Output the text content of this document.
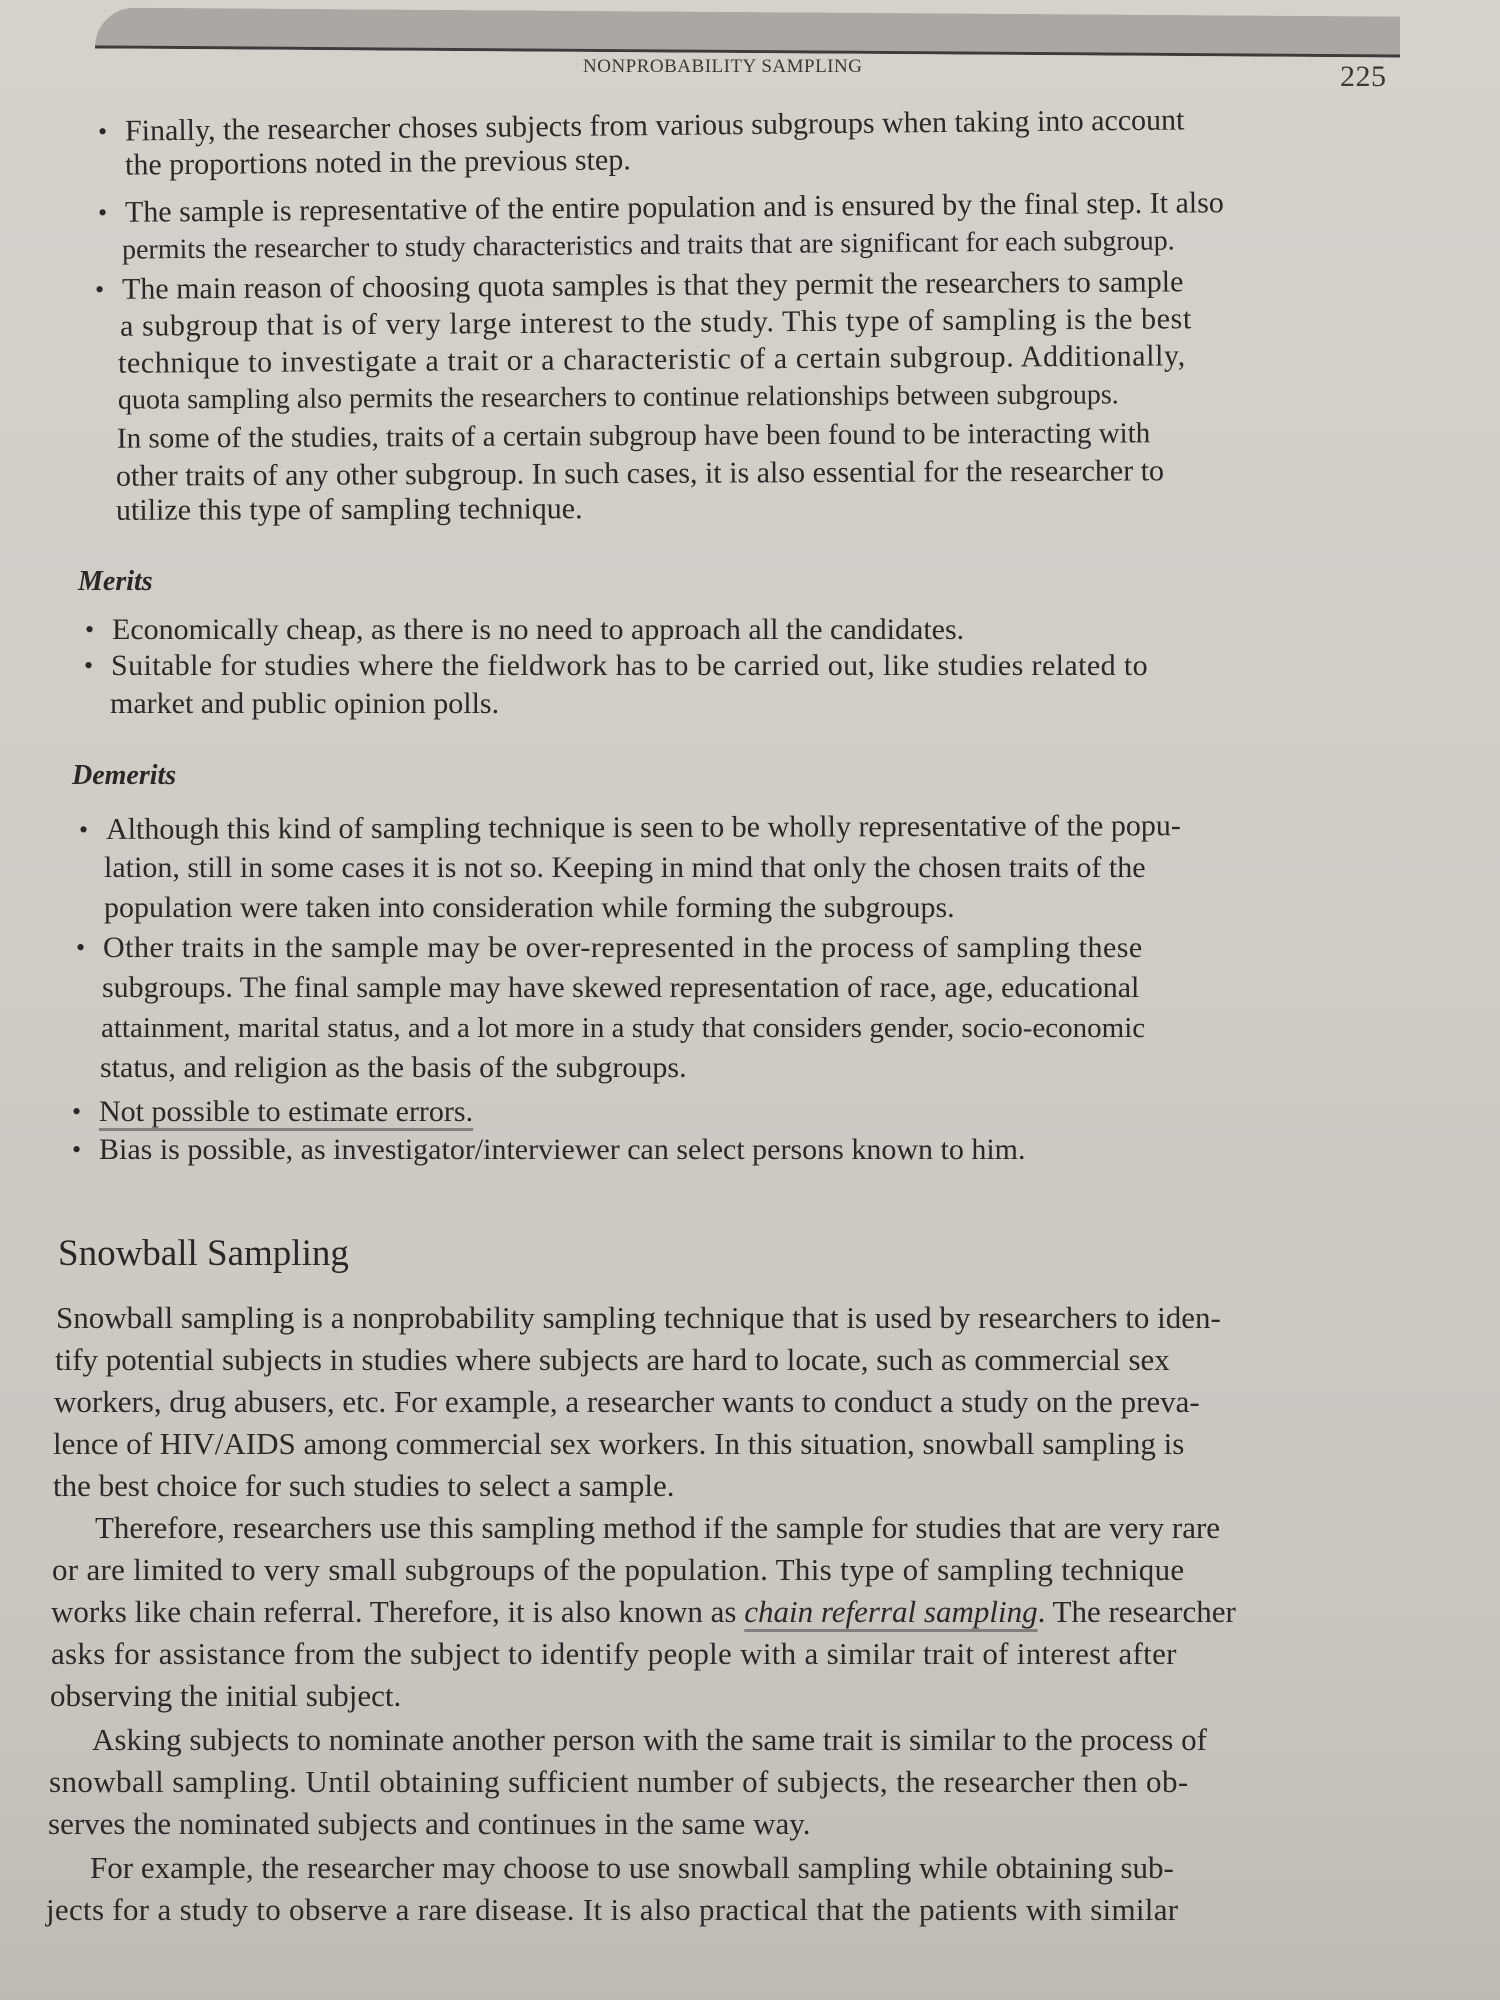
NONPROBABILITY SAMPLING	225
• Finally, the researcher choses subjects from various subgroups when taking into account
the proportions noted in the previous step.
• The sample is representative of the entire population and is ensured by the final step. It also
permits the researcher to study characteristics and traits that are significant for each subgroup.
• The main reason of choosing quota samples is that they permit the researchers to sample
a subgroup that is of very large interest to the study. This type of sampling is the best
technique to investigate a trait or a characteristic of a certain subgroup. Additionally,
quota sampling also permits the researchers to continue relationships between subgroups.
In some of the studies, traits of a certain subgroup have been found to be interacting with
other traits of any other subgroup. In such cases, it is also essential for the researcher to
utilize this type of sampling technique.
Merits
• Economically cheap, as there is no need to approach all the candidates.
• Suitable for studies where the fieldwork has to be carried out, like studies related to
market and public opinion polls.
Demerits
• Although this kind of sampling technique is seen to be wholly representative of the popu-
lation, still in some cases it is not so. Keeping in mind that only the chosen traits of the
population were taken into consideration while forming the subgroups.
• Other traits in the sample may be over-represented in the process of sampling these
subgroups. The final sample may have skewed representation of race, age, educational
attainment, marital status, and a lot more in a study that considers gender, socio-economic
status, and religion as the basis of the subgroups.
• Not possible to estimate errors.
• Bias is possible, as investigator/interviewer can select persons known to him.
Snowball Sampling
Snowball sampling is a nonprobability sampling technique that is used by researchers to iden-
tify potential subjects in studies where subjects are hard to locate, such as commercial sex
workers, drug abusers, etc. For example, a researcher wants to conduct a study on the preva-
lence of HIV/AIDS among commercial sex workers. In this situation, snowball sampling is
the best choice for such studies to select a sample.
Therefore, researchers use this sampling method if the sample for studies that are very rare
or are limited to very small subgroups of the population. This type of sampling technique
works like chain referral. Therefore, it is also known as chain referral sampling. The researcher
asks for assistance from the subject to identify people with a similar trait of interest after
observing the initial subject.
Asking subjects to nominate another person with the same trait is similar to the process of
snowball sampling. Until obtaining sufficient number of subjects, the researcher then ob-
serves the nominated subjects and continues in the same way.
For example, the researcher may choose to use snowball sampling while obtaining sub-
jects for a study to observe a rare disease. It is also practical that the patients with similar
